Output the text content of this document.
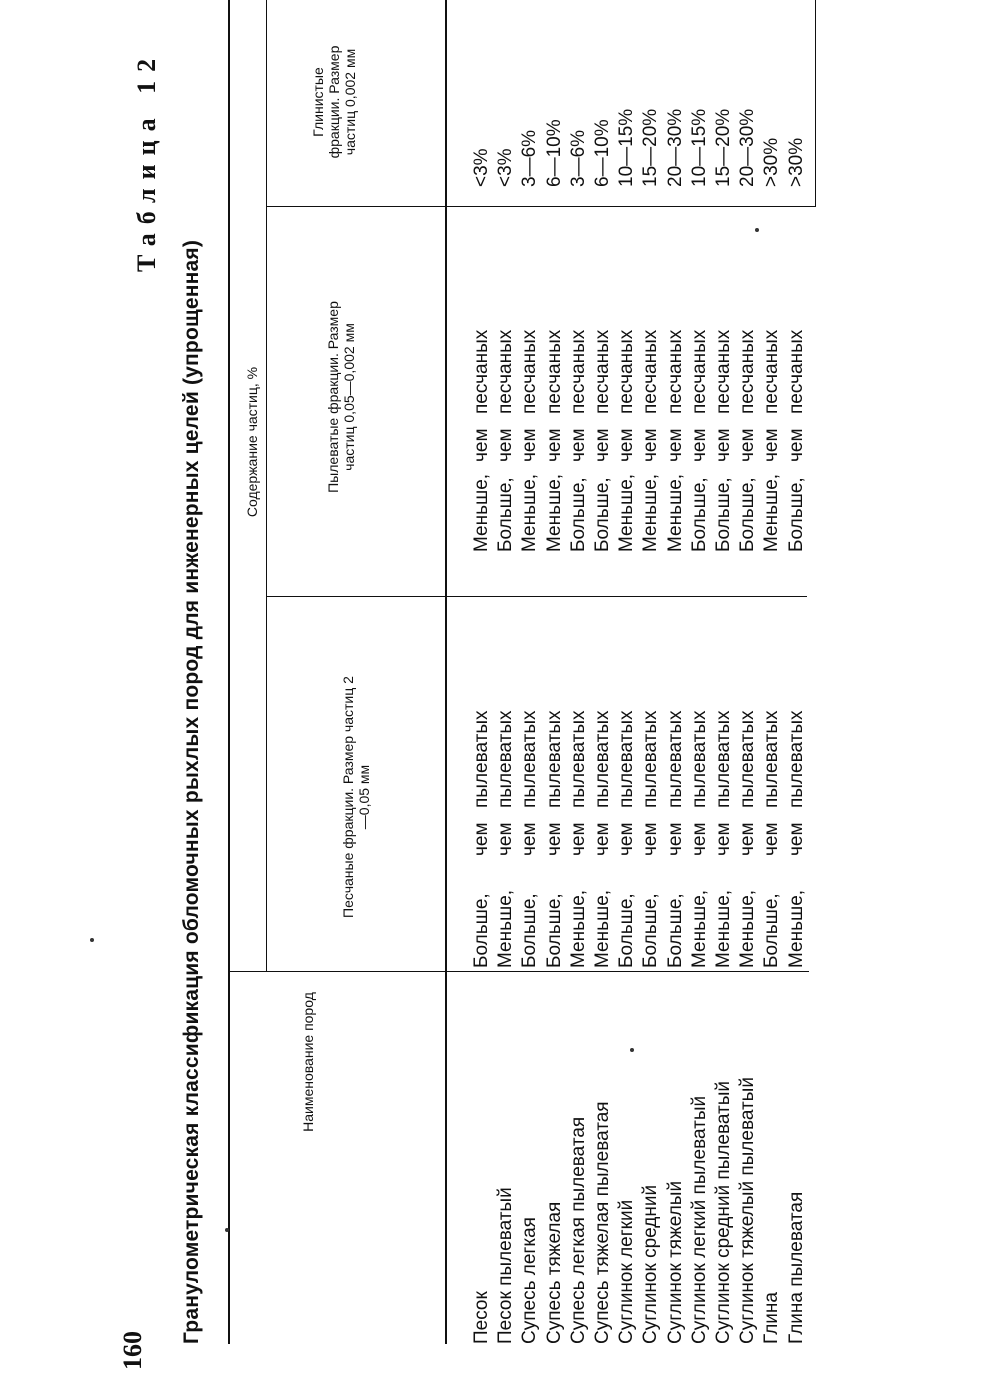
160
Таблица 12
Гранулометрическая классификация обломочных рыхлых пород для инженерных целей (упрощенная)	Наименование пород
Содержание частиц, %
Песчаные фракции. Размер частиц 2—0,05 мм
Пылеватые фракции. Размер частиц 0,05—0,002 мм
Глинистые фракции. Размер частиц 0,002 мм
Песок Песок пылеватый Супесь легкая Супесь тяжелая Супесь легкая пылеватая Супесь тяжелая пылеватая Суглинок легкий Суглинок средний Суглинок тяжелый Суглинок легкий пылеватый Суглинок средний пылеватый Суглинок тяжелый пылеватый Глина Глина пылеватая
Больше,чемпылеватых
Меньше,чемпылеватых
Больше,чемпылеватых
Больше,чемпылеватых
Меньше,чемпылеватых
Меньше,чемпылеватых
Больше,чемпылеватых
Больше,чемпылеватых
Больше,чемпылеватых
Меньше,чемпылеватых
Меньше,чемпылеватых
Меньше,чемпылеватых
Больше,чемпылеватых
Меньше,чемпылеватых
Меньше,чемпесчаных
Больше,чемпесчаных
Меньше,чемпесчаных
Меньше,чемпесчаных
Больше,чемпесчаных
Больше,чемпесчаных
Меньше,чемпесчаных
Меньше,чемпесчаных
Меньше,чемпесчаных
Больше,чемпесчаных
Больше,чемпесчаных
Больше,чемпесчаных
Меньше,чемпесчаных
Больше,чемпесчаных
<3% <3% 3—6% 6—10% 3—6% 6—10% 10—15% 15—20% 20—30% 10—15% 15—20% 20—30% >30% >30%
